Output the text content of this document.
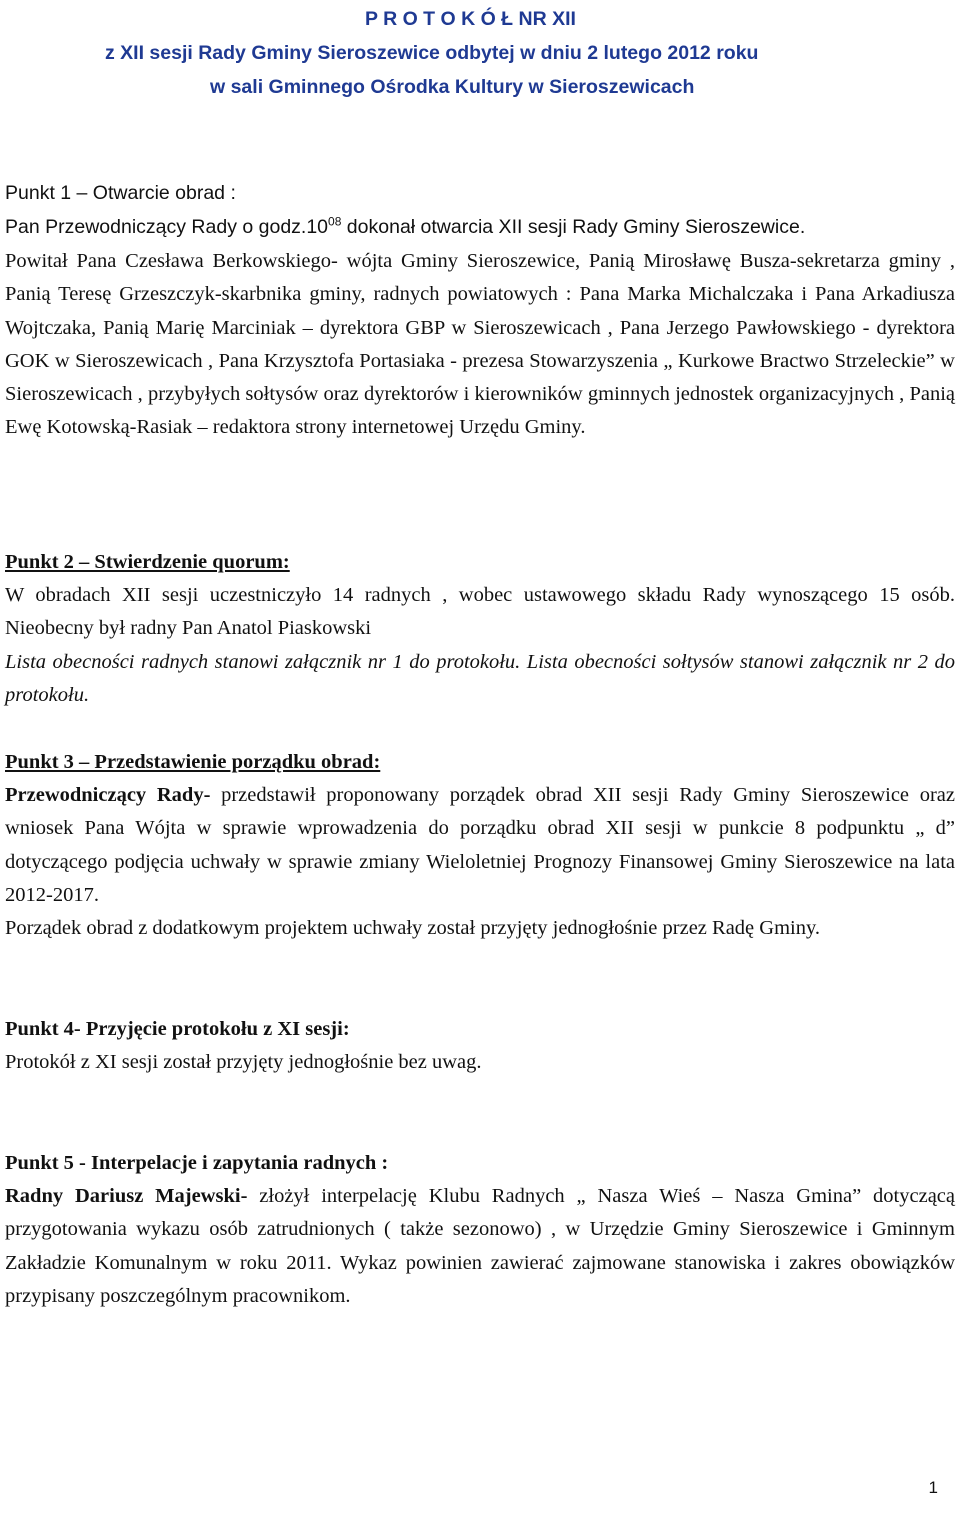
P R O T O K Ó Ł NR XII
z XII sesji Rady Gminy Sieroszewice odbytej w dniu 2 lutego 2012 roku
w sali Gminnego Ośrodka Kultury w Sieroszewicach
Punkt 1 – Otwarcie obrad :
Pan Przewodniczący Rady o $godz.10^{08}$ dokonał otwarcia XII sesji Rady Gminy Sieroszewice.
Powitał Pana Czesława Berkowskiego- wójta Gminy Sieroszewice, Panią Mirosławę Busza-sekretarza gminy , Panią Teresę Grzeszczyk-skarbnika gminy, radnych powiatowych : Pana Marka Michalczaka i Pana Arkadiusza Wojtczaka, Panią Marię Marciniak – dyrektora GBP w Sieroszewicach , Pana Jerzego Pawłowskiego - dyrektora GOK w Sieroszewicach , Pana Krzysztofa Portasiaka - prezesa Stowarzyszenia „ Kurkowe Bractwo Strzeleckie” w Sieroszewicach , przybyłych sołtysów oraz dyrektorów i kierowników gminnych jednostek organizacyjnych , Panią Ewę Kotowską-Rasiak – redaktora strony internetowej Urzędu Gminy.
Punkt 2 – Stwierdzenie quorum:
W obradach XII sesji uczestniczyło 14 radnych , wobec ustawowego składu Rady wynoszącego 15 osób. Nieobecny był radny Pan Anatol Piaskowski
Lista obecności radnych stanowi załącznik nr 1 do protokołu. Lista obecności sołtysów stanowi załącznik nr 2 do protokołu.
Punkt 3 – Przedstawienie porządku obrad:
Przewodniczący Rady- przedstawił proponowany porządek obrad XII sesji Rady Gminy Sieroszewice oraz wniosek Pana Wójta w sprawie wprowadzenia do porządku obrad XII sesji w punkcie 8 podpunktu „ d” dotyczącego podjęcia uchwały w sprawie zmiany Wieloletniej Prognozy Finansowej Gminy Sieroszewice na lata 2012-2017.
Porządek obrad z dodatkowym projektem uchwały został przyjęty jednogłośnie przez Radę Gminy.
Punkt 4- Przyjęcie protokołu z XI sesji:
Protokół z XI sesji został przyjęty jednogłośnie bez uwag.
Punkt 5 - Interpelacje i zapytania radnych :
Radny Dariusz Majewski- złożył interpelację Klubu Radnych „ Nasza Wieś – Nasza Gmina” dotyczącą przygotowania wykazu osób zatrudnionych ( także sezonowo) , w Urzędzie Gminy Sieroszewice i Gminnym Zakładzie Komunalnym w roku 2011. Wykaz powinien zawierać zajmowane stanowiska i zakres obowiązków przypisany poszczególnym pracownikom.
1
